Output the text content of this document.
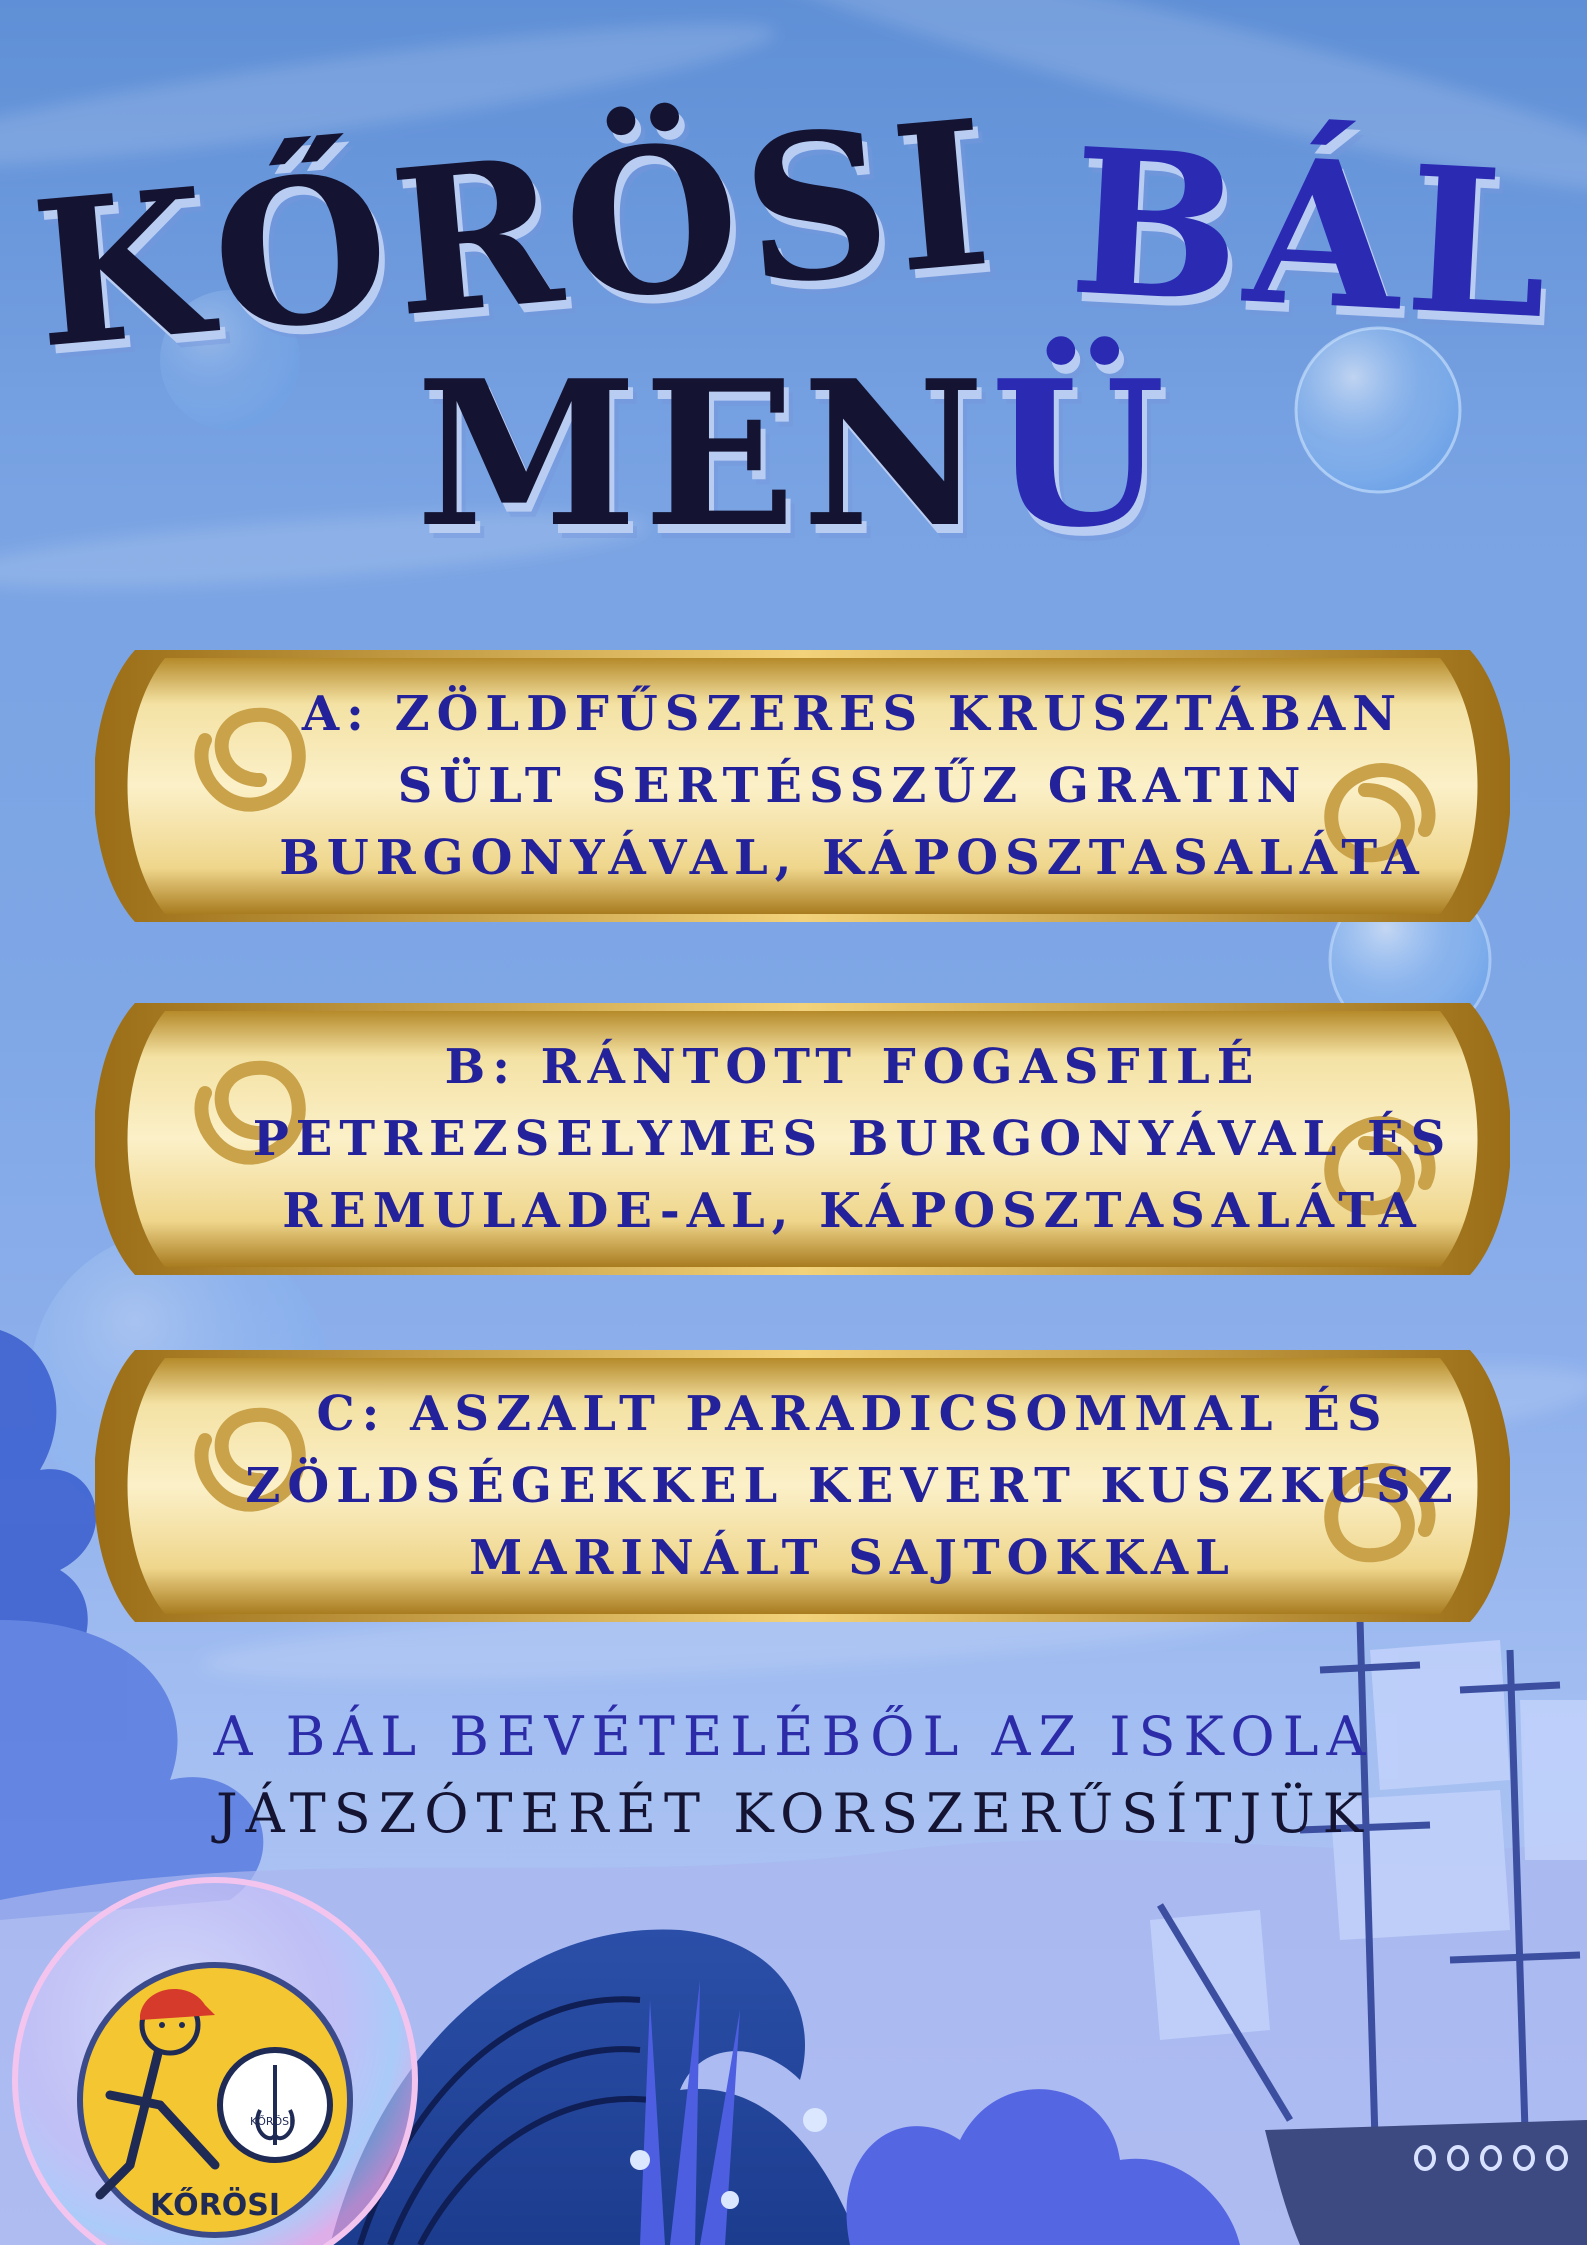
KŐRÖSI BÁL
MENÜ
A: ZÖLDFŰSZERES KRUSZTÁBAN
SÜLT SERTÉSSZŰZ GRATIN
BURGONYÁVAL, KÁPOSZTASALÁTA
B: RÁNTOTT FOGASFILÉ
PETREZSELYMES BURGONYÁVAL ÉS
REMULADE-AL, KÁPOSZTASALÁTA
C: ASZALT PARADICSOMMAL ÉS
ZÖLDSÉGEKKEL KEVERT KUSZKUSZ
MARINÁLT SAJTOKKAL
A BÁL BEVÉTELÉBŐL AZ ISKOLA
JÁTSZÓTERÉT KORSZERŰSÍTJÜK
KŐRÖSI
KŐRÖSI
